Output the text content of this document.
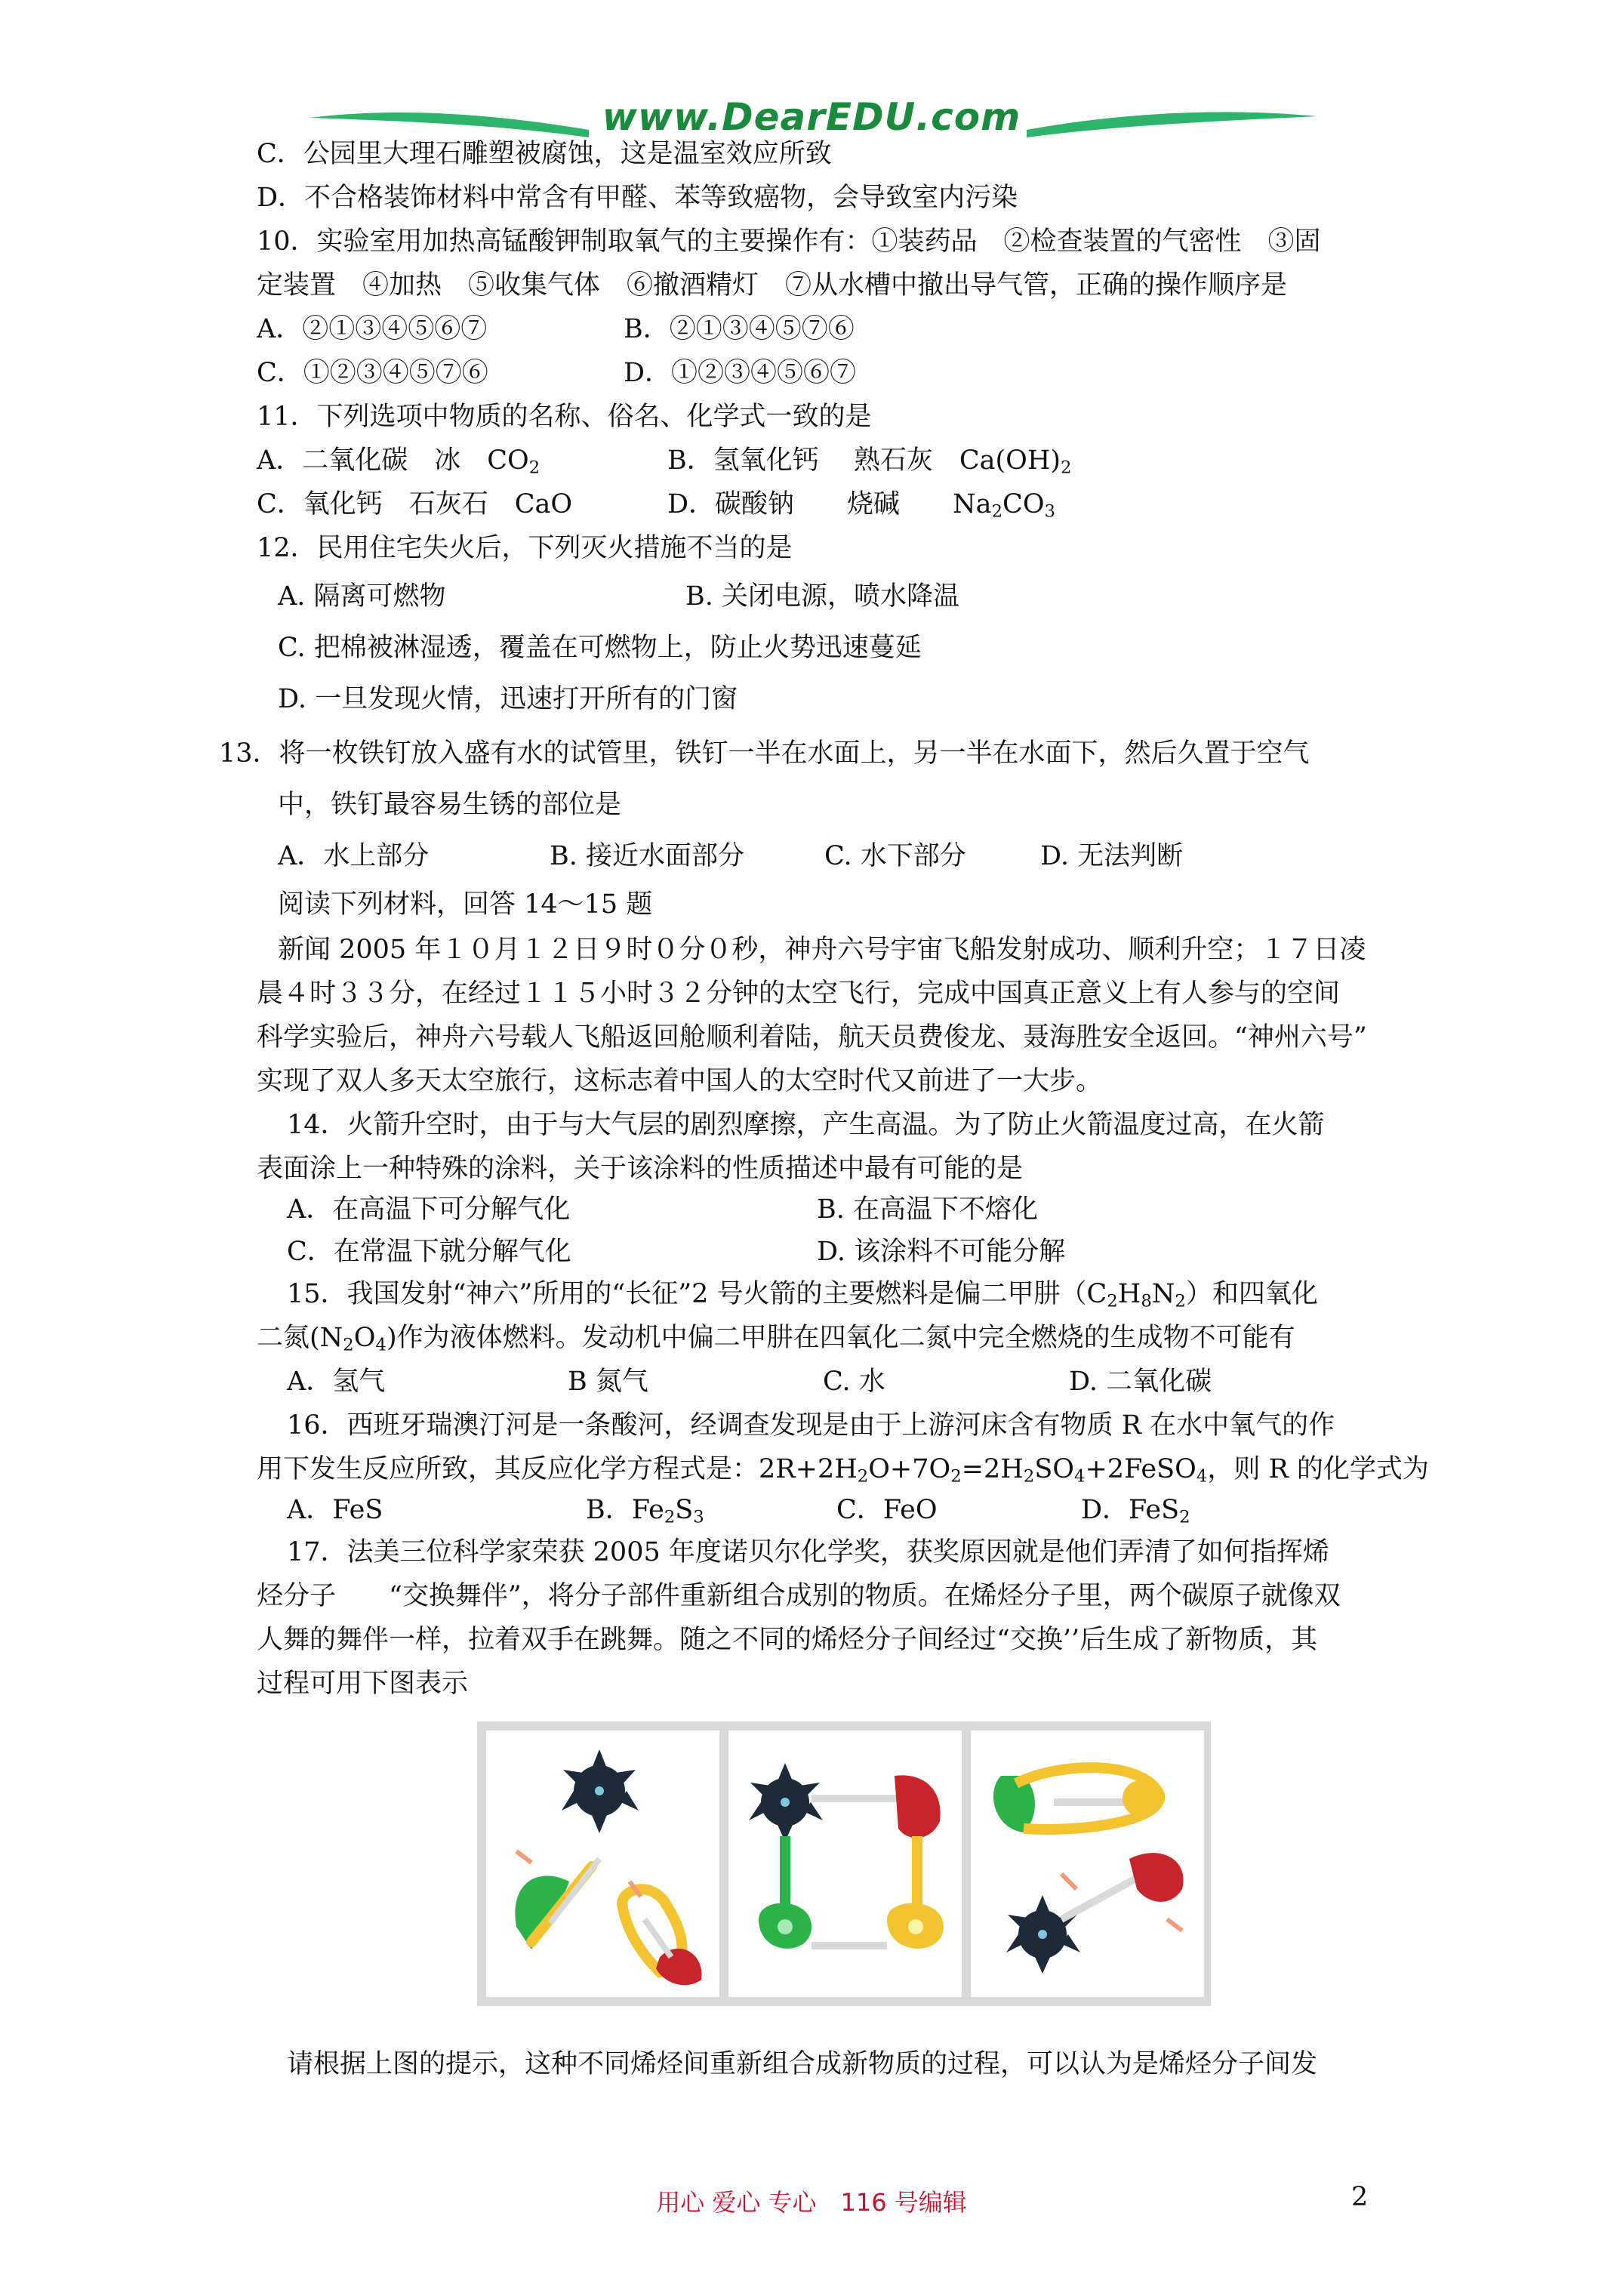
www.DearEDU.com
C．公园里大理石雕塑被腐蚀，这是温室效应所致
D．不合格装饰材料中常含有甲醛、苯等致癌物，会导致室内污染
10．实验室用加热高锰酸钾制取氧气的主要操作有：①装药品　②检查装置的气密性　③固
定装置　④加热　⑤收集气体　⑥撤酒精灯　⑦从水槽中撤出导气管，正确的操作顺序是
A．②①③④⑤⑥⑦	B．②①③④⑤⑦⑥
C．①②③④⑤⑦⑥	D．①②③④⑤⑥⑦
11．下列选项中物质的名称、俗名、化学式一致的是
A．二氧化碳　冰　$CO_2$	B．氢氧化钙　 熟石灰　$Ca(OH)_2$
C．氧化钙　石灰石　CaO	D．碳酸钠　　烧碱　　$Na_2CO_3$
12．民用住宅失火后，下列灭火措施不当的是
A. 隔离可燃物	B. 关闭电源，喷水降温
C. 把棉被淋湿透，覆盖在可燃物上，防止火势迅速蔓延
D. 一旦发现火情，迅速打开所有的门窗
13．将一枚铁钉放入盛有水的试管里，铁钉一半在水面上，另一半在水面下，然后久置于空气
中，铁钉最容易生锈的部位是
A．水上部分	B. 接近水面部分	C. 水下部分	D. 无法判断
阅读下列材料，回答 14～15 题
新闻 2005 年１０月１２日９时０分０秒，神舟六号宇宙飞船发射成功、顺利升空；１７日凌
晨４时３３分，在经过１１５小时３２分钟的太空飞行，完成中国真正意义上有人参与的空间
科学实验后，神舟六号载人飞船返回舱顺利着陆，航天员费俊龙、聂海胜安全返回。“神州六号”
实现了双人多天太空旅行，这标志着中国人的太空时代又前进了一大步。
14．火箭升空时，由于与大气层的剧烈摩擦，产生高温。为了防止火箭温度过高，在火箭
表面涂上一种特殊的涂料，关于该涂料的性质描述中最有可能的是
A．在高温下可分解气化	B. 在高温下不熔化
C．在常温下就分解气化	D. 该涂料不可能分解
15．我国发射“神六”所用的“长征”2 号火箭的主要燃料是偏二甲肼$(C_2H_8N_2)$和四氧化
二氮$(N_2O_4)$作为液体燃料。发动机中偏二甲肼在四氧化二氮中完全燃烧的生成物不可能有
A．氢气	B 氮气	C. 水	D. 二氧化碳
16．西班牙瑞澳汀河是一条酸河，经调查发现是由于上游河床含有物质 R 在水中氧气的作
用下发生反应所致，其反应化学方程式是：$2R+2H_2O+7O_2=2H_2SO_4+2FeSO_4$，则 R 的化学式为
A．FeS	B．$Fe_2S_3$	C．FeO	D．FeS$_2$
17．法美三位科学家荣获 2005 年度诺贝尔化学奖，获奖原因就是他们弄清了如何指挥烯
烃分子　　“交换舞伴”，将分子部件重新组合成别的物质。在烯烃分子里，两个碳原子就像双
人舞的舞伴一样，拉着双手在跳舞。随之不同的烯烃分子间经过“交换’’后生成了新物质，其
过程可用下图表示
请根据上图的提示，这种不同烯烃间重新组合成新物质的过程，可以认为是烯烃分子间发
用心 爱心 专心　116 号编辑	2
